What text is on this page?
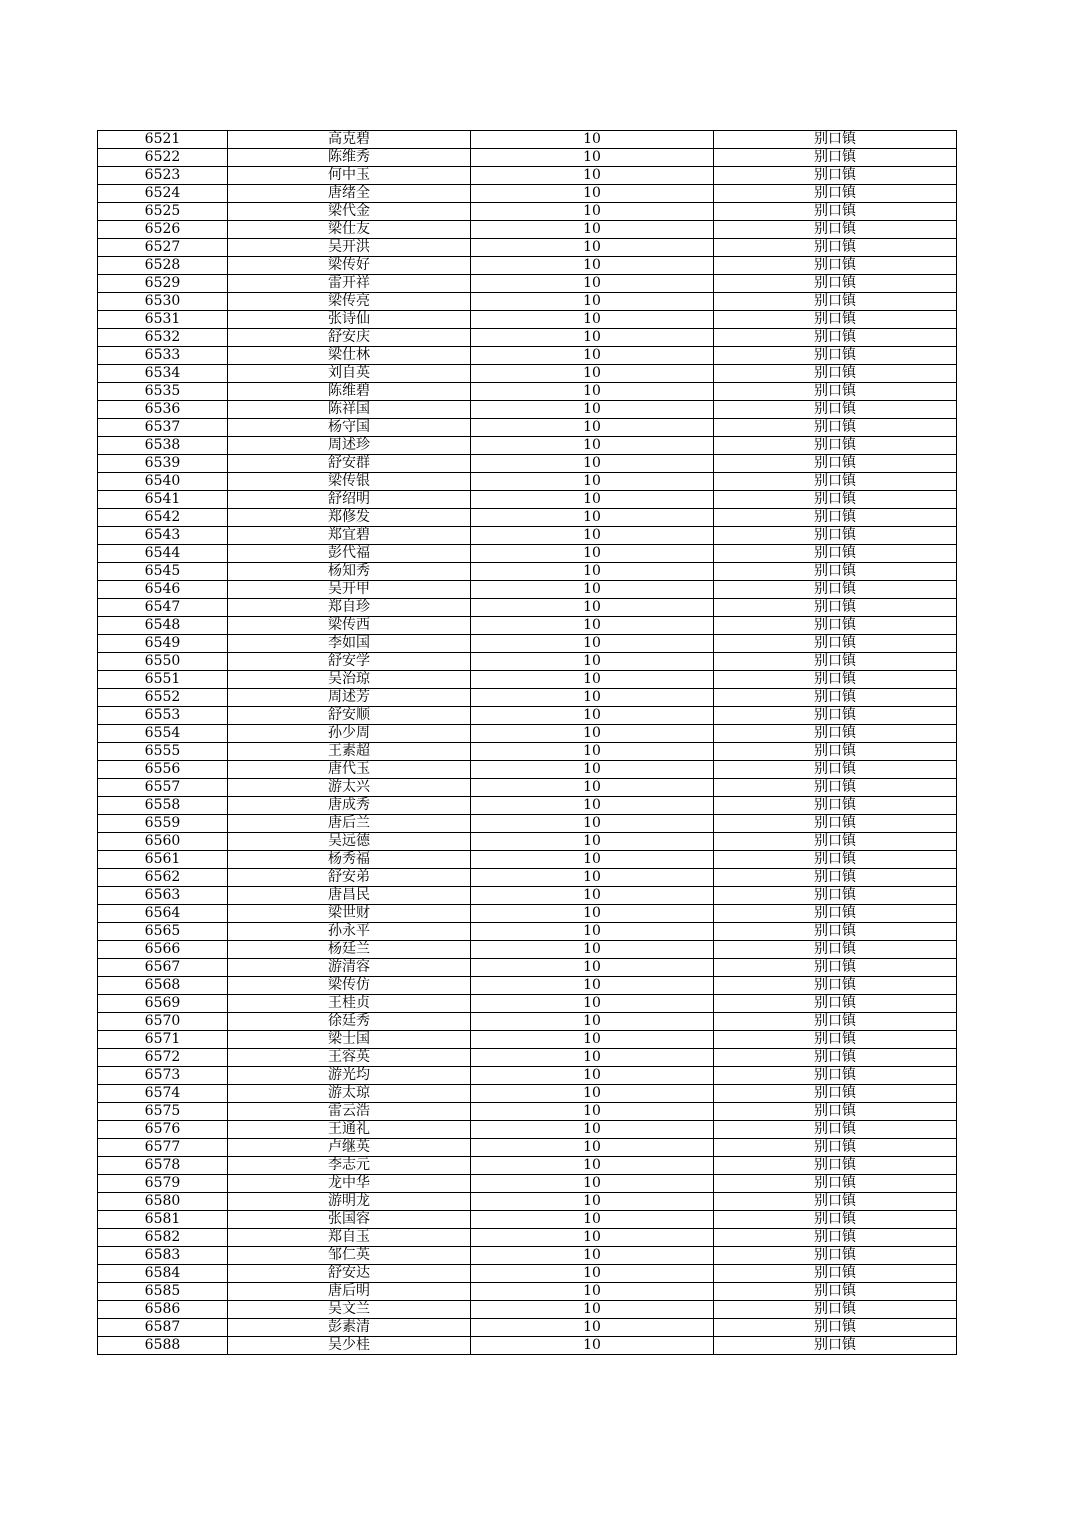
6521	高克碧	10	别口镇
6522	陈维秀	10	别口镇
6523	何中玉	10	别口镇
6524	唐绪全	10	别口镇
6525	梁代金	10	别口镇
6526	梁仕友	10	别口镇
6527	吴开洪	10	别口镇
6528	梁传好	10	别口镇
6529	雷开祥	10	别口镇
6530	梁传亮	10	别口镇
6531	张诗仙	10	别口镇
6532	舒安庆	10	别口镇
6533	梁仕林	10	别口镇
6534	刘自英	10	别口镇
6535	陈维碧	10	别口镇
6536	陈祥国	10	别口镇
6537	杨守国	10	别口镇
6538	周述珍	10	别口镇
6539	舒安群	10	别口镇
6540	梁传银	10	别口镇
6541	舒绍明	10	别口镇
6542	郑修发	10	别口镇
6543	郑宜碧	10	别口镇
6544	彭代福	10	别口镇
6545	杨知秀	10	别口镇
6546	吴开甲	10	别口镇
6547	郑自珍	10	别口镇
6548	梁传西	10	别口镇
6549	李如国	10	别口镇
6550	舒安学	10	别口镇
6551	吴治琼	10	别口镇
6552	周述芳	10	别口镇
6553	舒安顺	10	别口镇
6554	孙少周	10	别口镇
6555	王素超	10	别口镇
6556	唐代玉	10	别口镇
6557	游太兴	10	别口镇
6558	唐成秀	10	别口镇
6559	唐后兰	10	别口镇
6560	吴远德	10	别口镇
6561	杨秀福	10	别口镇
6562	舒安弟	10	别口镇
6563	唐昌民	10	别口镇
6564	梁世财	10	别口镇
6565	孙永平	10	别口镇
6566	杨廷兰	10	别口镇
6567	游清容	10	别口镇
6568	梁传仿	10	别口镇
6569	王桂贞	10	别口镇
6570	徐廷秀	10	别口镇
6571	梁士国	10	别口镇
6572	王容英	10	别口镇
6573	游光均	10	别口镇
6574	游太琼	10	别口镇
6575	雷云浩	10	别口镇
6576	王通礼	10	别口镇
6577	卢继英	10	别口镇
6578	李志元	10	别口镇
6579	龙中华	10	别口镇
6580	游明龙	10	别口镇
6581	张国容	10	别口镇
6582	郑自玉	10	别口镇
6583	邹仁英	10	别口镇
6584	舒安达	10	别口镇
6585	唐后明	10	别口镇
6586	吴文兰	10	别口镇
6587	彭素清	10	别口镇
6588	吴少桂	10	别口镇
